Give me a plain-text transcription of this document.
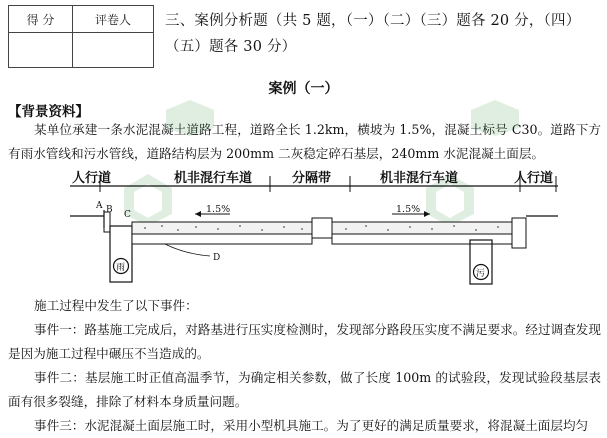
得 分	评卷人
	三、案例分析题（共 5 题，（一）（二）（三）题各 20 分，（四）（五）题各 30 分）
案例（一）
【背景资料】

某单位承建一条水泥混凝土道路工程，道路全长 1.2km，横坡为 1.5%，混凝土标号 C30。道路下方有雨水管线和污水管线，道路结构层为 200mm 二灰稳定碎石基层，240mm 水泥混凝土面层。

人行道	机非混行车道	分隔带	机非混行车道	人行道
A B C
雨
1.5%	1.5%
污
D

施工过程中发生了以下事件：

事件一：路基施工完成后，对路基进行压实度检测时，发现部分路段压实度不满足要求。经过调查发现是因为施工过程中碾压不当造成的。

事件二：基层施工时正值高温季节，为确定相关参数，做了长度 100m 的试验段，发现试验段基层表面有很多裂缝，排除了材料本身质量问题。

事件三：水泥混凝土面层施工时，采用小型机具施工。为了更好的满足质量要求，将混凝土面层均匀
